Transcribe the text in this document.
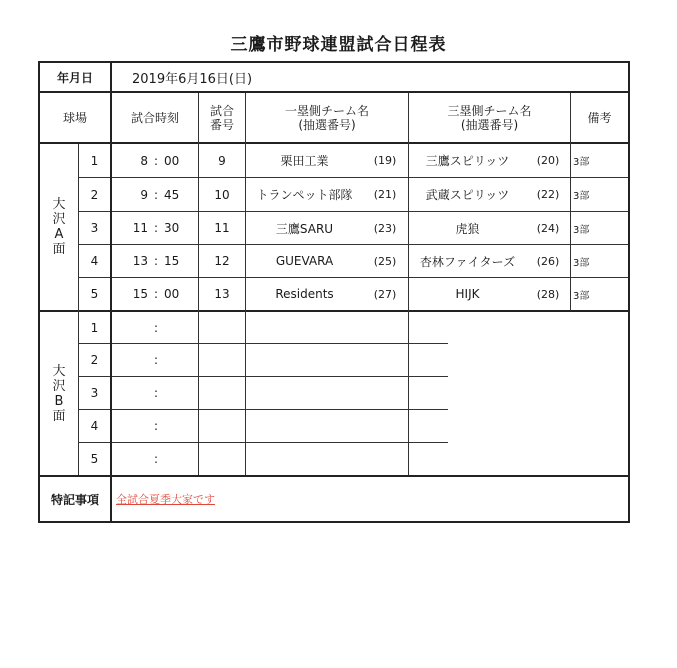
三鷹市野球連盟試合日程表
年月日	2019年6月16日(日)
球場	試合時刻
試合
番号
一塁側チーム名
(抽選番号)
三塁側チーム名
(抽選番号)	備考
大
沢
A
面
大
沢
B
面
1	8 : 00	9	栗田工業	(19)	三鷹スピリッツ	(20)	3部
2	9 : 45	10	トランペット部隊	(21)	武蔵スピリッツ	(22)	3部
3	11 : 30	11	三鷹SARU	(23)	虎狼	(24)	3部
4	13 : 15	12	GUEVARA	(25)	杏林ファイターズ	(26)	3部
5	15 : 00	13	Residents	(27)	HIJK	(28)	3部
1	:
2	:
3	:
4	:
5	:
特記事項	全試合夏季大家です
